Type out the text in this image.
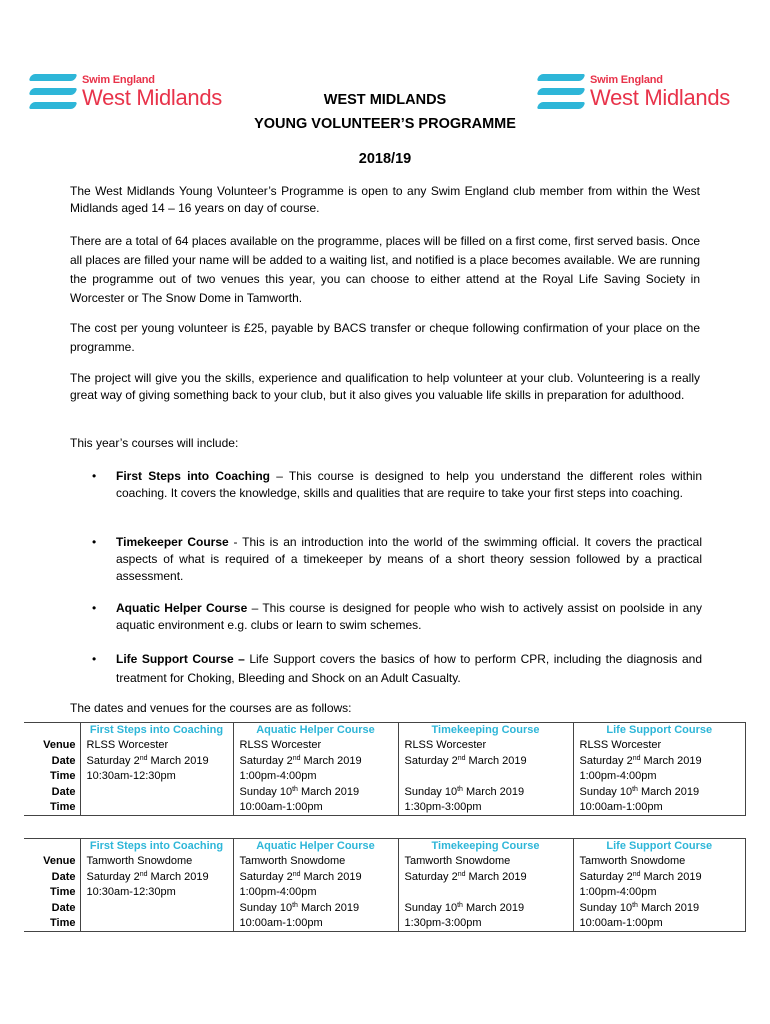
Swim England
West Midlands
Swim England
West Midlands
WEST MIDLANDS
YOUNG VOLUNTEER’S PROGRAMME
2018/19
The West Midlands Young Volunteer’s Programme is open to any Swim England club member from within the West Midlands aged 14 – 16 years on day of course.
There are a total of 64 places available on the programme, places will be filled on a first come, first served basis. Once all places are filled your name will be added to a waiting list, and notified is a place becomes available. We are running the programme out of two venues this year, you can choose to either attend at the Royal Life Saving Society in Worcester or The Snow Dome in Tamworth.
The cost per young volunteer is £25, payable by BACS transfer or cheque following confirmation of your place on the programme.
The project will give you the skills, experience and qualification to help volunteer at your club. Volunteering is a really great way of giving something back to your club, but it also gives you valuable life skills in preparation for adulthood.
This year’s courses will include:
• First Steps into Coaching – This course is designed to help you understand the different roles within coaching. It covers the knowledge, skills and qualities that are require to take your first steps into coaching.
• Timekeeper Course - This is an introduction into the world of the swimming official. It covers the practical aspects of what is required of a timekeeper by means of a short theory session followed by a practical assessment.
• Aquatic Helper Course – This course is designed for people who wish to actively assist on poolside in any aquatic environment e.g. clubs or learn to swim schemes.
• Life Support Course – Life Support covers the basics of how to perform CPR, including the diagnosis and treatment for Choking, Bleeding and Shock on an Adult Casualty.
The dates and venues for the courses are as follows:
	First Steps into Coaching	Aquatic Helper Course	Timekeeping Course	Life Support Course
Venue	RLSS Worcester	RLSS Worcester	RLSS Worcester	RLSS Worcester
Date	Saturday 2nd March 2019	Saturday 2nd March 2019	Saturday 2nd March 2019	Saturday 2nd March 2019
Time	10:30am-12:30pm	1:00pm-4:00pm		1:00pm-4:00pm
Date		Sunday 10th March 2019	Sunday 10th March 2019	Sunday 10th March 2019
Time		10:00am-1:00pm	1:30pm-3:00pm	10:00am-1:00pm
	First Steps into Coaching	Aquatic Helper Course	Timekeeping Course	Life Support Course
Venue	Tamworth Snowdome	Tamworth Snowdome	Tamworth Snowdome	Tamworth Snowdome
Date	Saturday 2nd March 2019	Saturday 2nd March 2019	Saturday 2nd March 2019	Saturday 2nd March 2019
Time	10:30am-12:30pm	1:00pm-4:00pm		1:00pm-4:00pm
Date		Sunday 10th March 2019	Sunday 10th March 2019	Sunday 10th March 2019
Time		10:00am-1:00pm	1:30pm-3:00pm	10:00am-1:00pm
